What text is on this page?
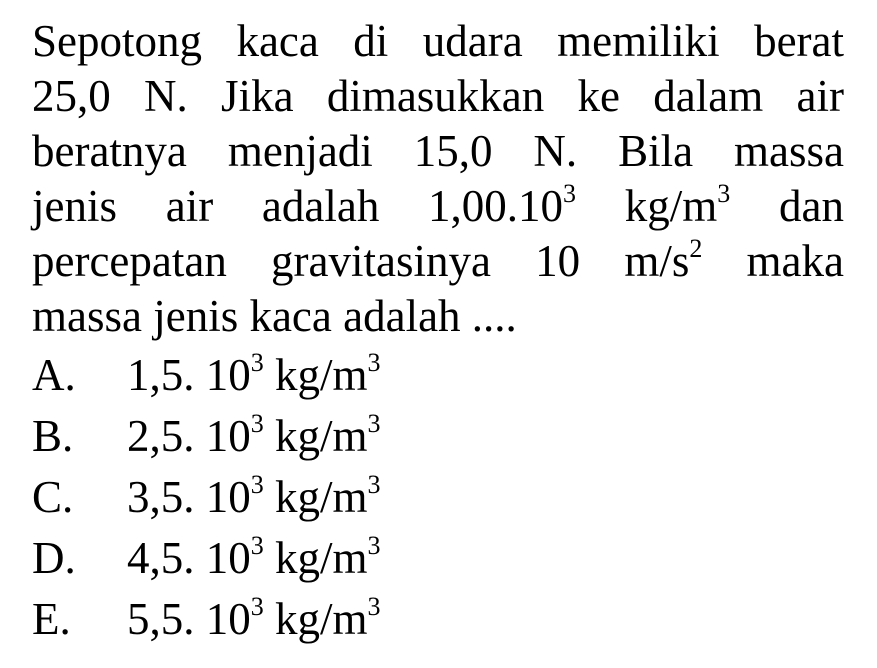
Sepotong kaca di udara memiliki berat
25,0 N. Jika dimasukkan ke dalam air
beratnya menjadi 15,0 N. Bila massa
jenis air adalah 1,00.10$^3$ $kg/m^3$ dan
percepatan gravitasinya 10 $m/s^2$ maka
massa jenis kaca adalah ....
A.	1,5. $10^3$ $kg/m^3$
B.	2,5. $10^3$ $kg/m^3$
C.	3,5. $10^3$ $kg/m^3$
D.	4,5. $10^3$ $kg/m^3$
E.	5,5. $10^3$ $kg/m^3$
